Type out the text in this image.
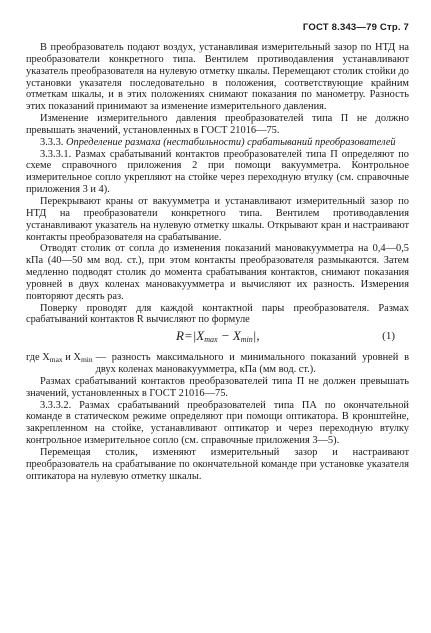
ГОСТ 8.343—79 Стр. 7

В преобразователь подают воздух, устанавливая измерительный зазор по НТД на преобразователи конкретного типа. Вентилем противодавления устанавливают указатель преобразователя на нулевую отметку шкалы. Перемещают столик стойки до установки указателя последовательно в положения, соответствующие крайним отметкам шкалы, и в этих положениях снимают показания по манометру. Разность этих показаний принимают за изменение измерительного давления.

Изменение измерительного давления преобразователей типа П не должно превышать значений, установленных в ГОСТ 21016—75.

3.3.3. Определение размаха (нестабильности) срабатываний преобразователей

3.3.3.1. Размах срабатываний контактов преобразователей типа П определяют по схеме справочного приложения 2 при помощи вакуумметра. Контрольное измерительное сопло укрепляют на стойке через переходную втулку (см. справочные приложения 3 и 4).

Перекрывают краны от вакуумметра и устанавливают измерительный зазор по НТД на преобразователи конкретного типа. Вентилем противодавления устанавливают указатель на нулевую отметку шкалы. Открывают кран и настраивают контакты преобразователя на срабатывание.

Отводят столик от сопла до изменения показаний мановакуумметра на 0,4—0,5 кПа (40—50 мм вод. ст.), при этом контакты преобразователя размыкаются. Затем медленно подводят столик до момента срабатывания контактов, снимают показания уровней в двух коленах мановакуумметра и вычисляют их разность. Измерения повторяют десять раз.

Поверку проводят для каждой контактной пары преобразователя. Размах срабатываний контактов R вычисляют по формуле

$R=|X_{max} - X_{min}|$,	(1)
где Xmax и Xmin — разность максимального и минимального показаний уровней в двух коленах мановакуумметра, кПа (мм вод. ст.).

Размах срабатываний контактов преобразователей типа П не должен превышать значений, установленных в ГОСТ 21016—75.

3.3.3.2. Размах срабатываний преобразователей типа ПА по окончательной команде в статическом режиме определяют при помощи оптикатора. В кронштейне, закрепленном на стойке, устанавливают оптикатор и через переходную втулку контрольное измерительное сопло (см. справочные приложения 3—5).

Перемещая столик, изменяют измерительный зазор и настраивают преобразователь на срабатывание по окончательной команде при установке указателя оптикатора на нулевую отметку шкалы.
